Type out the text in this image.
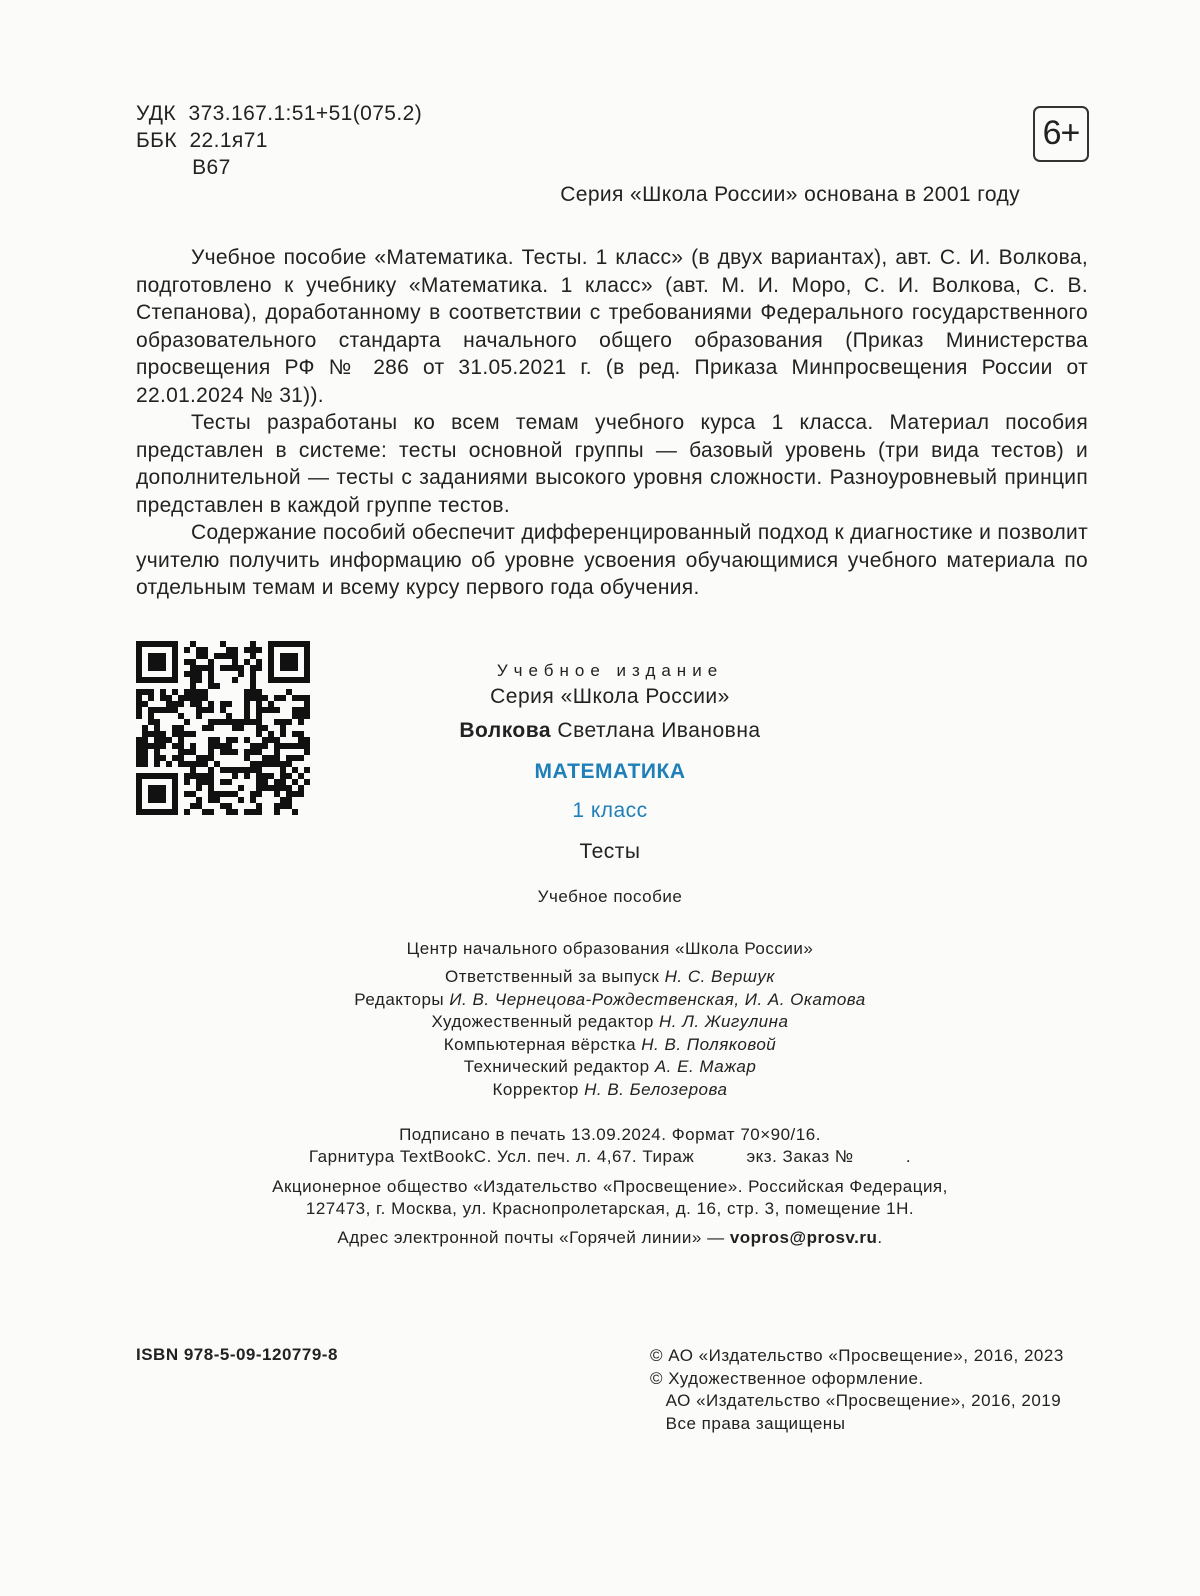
УДК  373.167.1:51+51(075.2)
ББК  22.1я71
В67
6+
Серия «Школа России» основана в 2001 году

Учебное пособие «Математика. Тесты. 1 класс» (в двух вариантах), авт. С. И. Волкова, подготовлено к учебнику «Математика. 1 класс» (авт. М. И. Моро, С. И. Волкова, С. В. Степанова), доработанному в соответствии с требованиями Федерального государственного образовательного стандарта начального общего образования (Приказ Министерства просвещения РФ № 286 от 31.05.2021 г. (в ред. Приказа Минпросвещения России от 22.01.2024 № 31)).

Тесты разработаны ко всем темам учебного курса 1 класса. Материал пособия представлен в системе: тесты основной группы — базовый уровень (три вида тестов) и дополнительной — тесты с заданиями высокого уровня сложности. Разноуровневый принцип представлен в каждой группе тестов.

Содержание пособий обеспечит дифференцированный подход к диагностике и позволит учителю получить информацию об уровне усвоения обучающимися учебного материала по отдельным темам и всему курсу первого года обучения.

Учебное издание
Серия «Школа России»
Волкова Светлана Ивановна
МАТЕМАТИКА
1 класс
Тесты
Учебное пособие
Центр начального образования «Школа России»
Ответственный за выпуск Н. С. Вершук
Редакторы И. В. Чернецова-Рождественская, И. А. Окатова
Художественный редактор Н. Л. Жигулина
Компьютерная вёрстка Н. В. Поляковой
Технический редактор А. Е. Мажар
Корректор Н. В. Белозерова
Подписано в печать 13.09.2024. Формат 70×90/16.
Гарнитура TextBookC. Усл. печ. л. 4,67. Тираж          экз. Заказ №          .
Акционерное общество «Издательство «Просвещение». Российская Федерация,
127473, г. Москва, ул. Краснопролетарская, д. 16, стр. 3, помещение 1Н.
Адрес электронной почты «Горячей линии» — vopros@prosv.ru.
ISBN 978-5-09-120779-8	© АО «Издательство «Просвещение», 2016, 2023
© Художественное оформление.
АО «Издательство «Просвещение», 2016, 2019
Все права защищены
